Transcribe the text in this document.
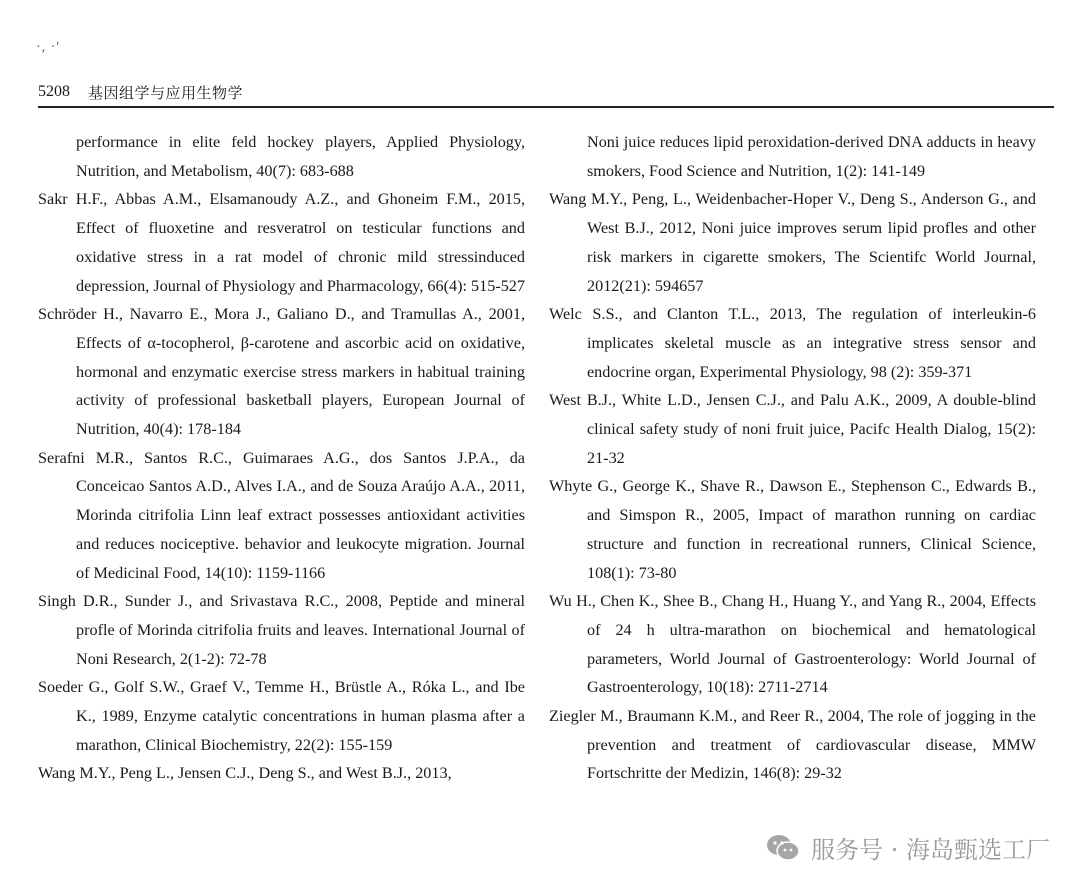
·, ·'
5208 基因组学与应用生物学

performance in elite feld hockey players, Applied Physiology, Nutrition, and Metabolism, 40(7): 683-688

Sakr H.F., Abbas A.M., Elsamanoudy A.Z., and Ghoneim F.M., 2015, Effect of fluoxetine and resveratrol on testicular functions and oxidative stress in a rat model of chronic mild stressinduced depression, Journal of Physiology and Pharmacology, 66(4): 515-527

Schröder H., Navarro E., Mora J., Galiano D., and Tramullas A., 2001, Effects of α-tocopherol, β-carotene and ascorbic acid on oxidative, hormonal and enzymatic exercise stress markers in habitual training activity of professional basketball players, European Journal of Nutrition, 40(4): 178-184

Serafni M.R., Santos R.C., Guimaraes A.G., dos Santos J.P.A., da Conceicao Santos A.D., Alves I.A., and de Souza Araújo A.A., 2011, Morinda citrifolia Linn leaf extract possesses antioxidant activities and reduces nociceptive. behavior and leukocyte migration. Journal of Medicinal Food, 14(10): 1159-1166

Singh D.R., Sunder J., and Srivastava R.C., 2008, Peptide and mineral profle of Morinda citrifolia fruits and leaves. International Journal of Noni Research, 2(1-2): 72-78

Soeder G., Golf S.W., Graef V., Temme H., Brüstle A., Róka L., and Ibe K., 1989, Enzyme catalytic concentrations in human plasma after a marathon, Clinical Biochemistry, 22(2): 155-159

Wang M.Y., Peng L., Jensen C.J., Deng S., and West B.J., 2013,

Noni juice reduces lipid peroxidation-derived DNA adducts in heavy smokers, Food Science and Nutrition, 1(2): 141-149

Wang M.Y., Peng, L., Weidenbacher-Hoper V., Deng S., Anderson G., and West B.J., 2012, Noni juice improves serum lipid profles and other risk markers in cigarette smokers, The Scientifc World Journal, 2012(21): 594657

Welc S.S., and Clanton T.L., 2013, The regulation of interleukin-6 implicates skeletal muscle as an integrative stress sensor and endocrine organ, Experimental Physiology, 98 (2): 359-371

West B.J., White L.D., Jensen C.J., and Palu A.K., 2009, A double-blind clinical safety study of noni fruit juice, Pacifc Health Dialog, 15(2): 21-32

Whyte G., George K., Shave R., Dawson E., Stephenson C., Edwards B., and Simspon R., 2005, Impact of marathon running on cardiac structure and function in recreational runners, Clinical Science, 108(1): 73-80

Wu H., Chen K., Shee B., Chang H., Huang Y., and Yang R., 2004, Effects of 24 h ultra-marathon on biochemical and hematological parameters, World Journal of Gastroenterology: World Journal of Gastroenterology, 10(18): 2711-2714

Ziegler M., Braumann K.M., and Reer R., 2004, The role of jogging in the prevention and treatment of cardiovascular disease, MMW Fortschritte der Medizin, 146(8): 29-32

服务号 · 海岛甄选工厂
